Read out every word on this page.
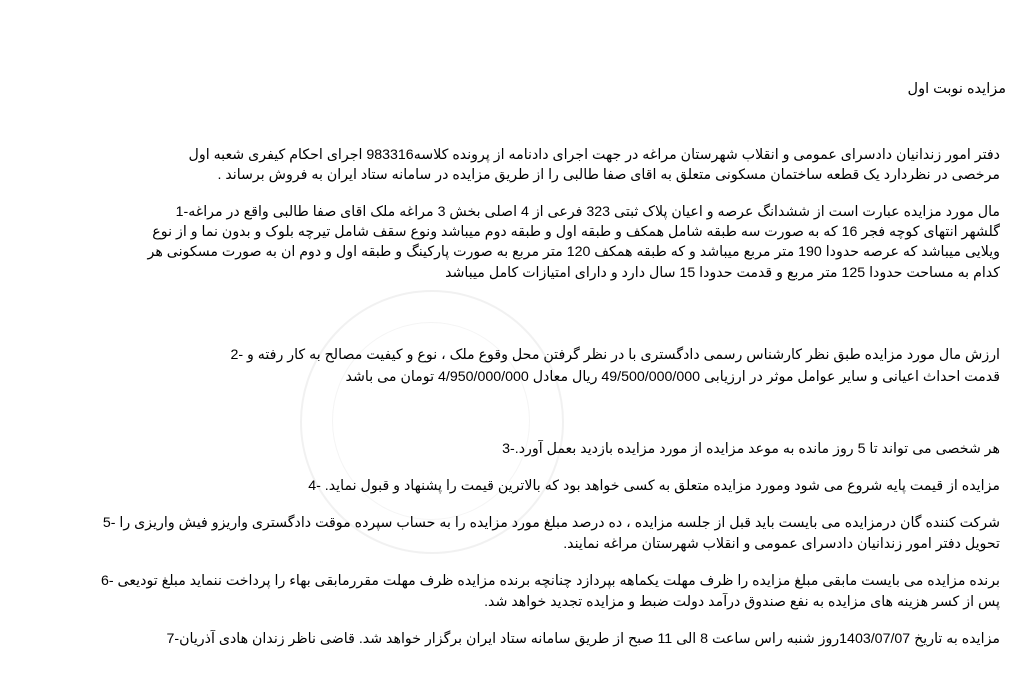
مزایده نوبت اول
دفتر امور زندانیان دادسرای عمومی و انقلاب شهرستان مراغه در جهت اجرای دادنامه از پرونده کلاسه983316 اجرای احکام کیفری شعبه اول
مرخصی در نظردارد یک قطعه ساختمان مسکونی متعلق به اقای صفا طالبی را از طریق مزایده در سامانه ستاد ایران به فروش برساند .
مال مورد مزایده عبارت است از ششدانگ عرصه و اعیان پلاک ثبتی 323 فرعی از 4 اصلی بخش 3 مراغه ملک اقای صفا طالبی واقع در مراغه-1
گلشهر انتهای کوچه فجر 16 که به صورت سه طبقه شامل همکف و طبقه اول و طبقه دوم میباشد ونوع سقف شامل تیرچه بلوک و بدون نما و از نوع
ویلایی میباشد که عرصه حدودا 190 متر مربع میباشد و که طبقه همکف 120 متر مربع به صورت پارکینگ و طبقه اول و دوم ان به صورت مسکونی هر
کدام به مساحت حدودا 125 متر مربع و قدمت حدودا 15 سال دارد و دارای امتیازات کامل میباشد
ارزش مال مورد مزایده طبق نظر کارشناس رسمی دادگستری با در نظر گرفتن محل وقوع ملک ، نوع و کیفیت مصالح به کار رفته و -2
قدمت احداث اعیانی و سایر عوامل موثر در ارزیابی 49/500/000/000 ریال معادل 4/950/000/000 تومان می باشد
هر شخصی می تواند تا 5 روز مانده به موعد مزایده از مورد مزایده بازدید بعمل آورد.-3
مزایده از قیمت پایه شروع می شود ومورد مزایده متعلق به کسی خواهد بود که بالاترین قیمت را پشنهاد و قبول نماید. -4
شرکت کننده گان درمزایده می بایست باید قبل از جلسه مزایده ، ده درصد مبلغ مورد مزایده را به حساب سپرده موقت دادگستری واریزو فیش واریزی را -5
تحویل دفتر امور زندانیان دادسرای عمومی و انقلاب شهرستان مراغه نمایند.
برنده مزایده می بایست مابقی مبلغ مزایده را ظرف مهلت یکماهه بپردازد چنانچه برنده مزایده ظرف مهلت مقررمابقی بهاء را پرداخت ننماید مبلغ تودیعی -6
پس از کسر هزینه های مزایده به نفع صندوق درآمد دولت ضبط و مزایده تجدید خواهد شد.
مزایده به تاریخ 1403/07/07روز شنبه راس ساعت 8 الی 11 صبح از طریق سامانه ستاد ایران برگزار خواهد شد. قاضی ناظر زندان هادی آذریان-7
